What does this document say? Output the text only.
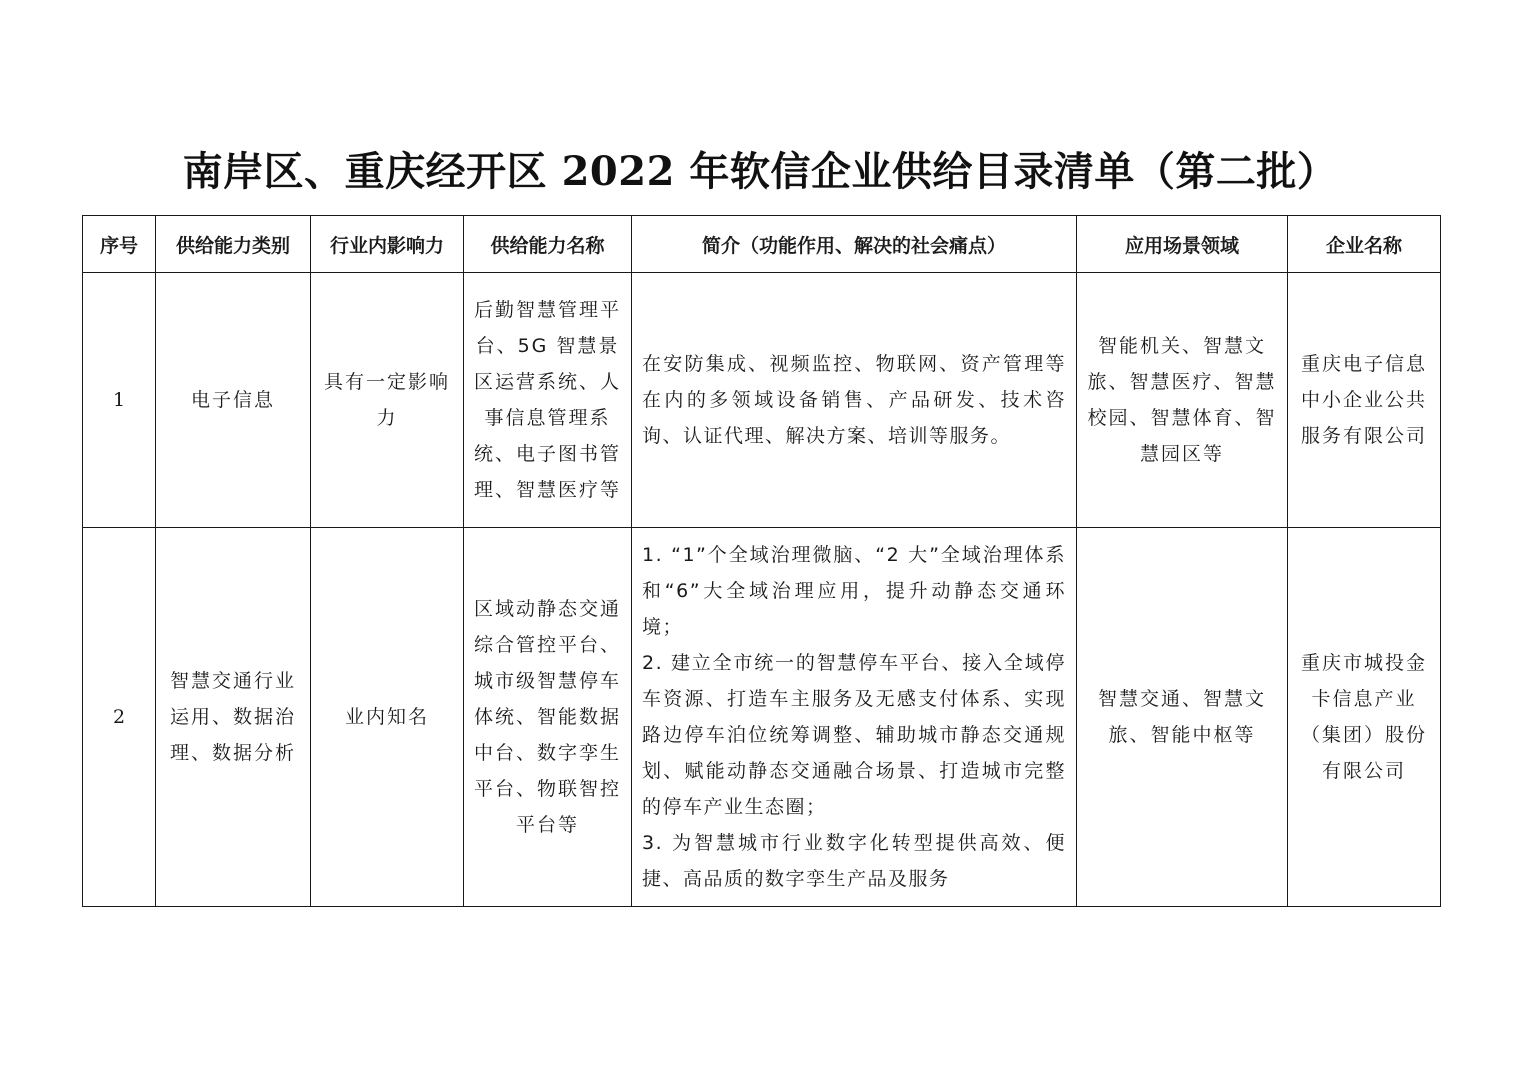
南岸区、重庆经开区 2022 年软信企业供给目录清单（第二批）
序号	供给能力类别	行业内影响力	供给能力名称	简介（功能作用、解决的社会痛点）	应用场景领域	企业名称
1	电子信息	具有一定影响力	后勤智慧管理平台、5G 智慧景区运营系统、人事信息管理系统、电子图书管理、智慧医疗等	在安防集成、视频监控、物联网、资产管理等在内的多领域设备销售、产品研发、技术咨询、认证代理、解决方案、培训等服务。	智能机关、智慧文旅、智慧医疗、智慧校园、智慧体育、智慧园区等	重庆电子信息中小企业公共服务有限公司
2	智慧交通行业运用、数据治理、数据分析	业内知名	区域动静态交通综合管控平台、城市级智慧停车体统、智能数据中台、数字孪生平台、物联智控平台等	1. “1”个全域治理微脑、“2 大”全域治理体系和“6”大全域治理应用，提升动静态交通环境；
2. 建立全市统一的智慧停车平台、接入全域停车资源、打造车主服务及无感支付体系、实现路边停车泊位统筹调整、辅助城市静态交通规划、赋能动静态交通融合场景、打造城市完整的停车产业生态圈；
3. 为智慧城市行业数字化转型提供高效、便捷、高品质的数字孪生产品及服务	智慧交通、智慧文旅、智能中枢等	重庆市城投金卡信息产业（集团）股份有限公司
